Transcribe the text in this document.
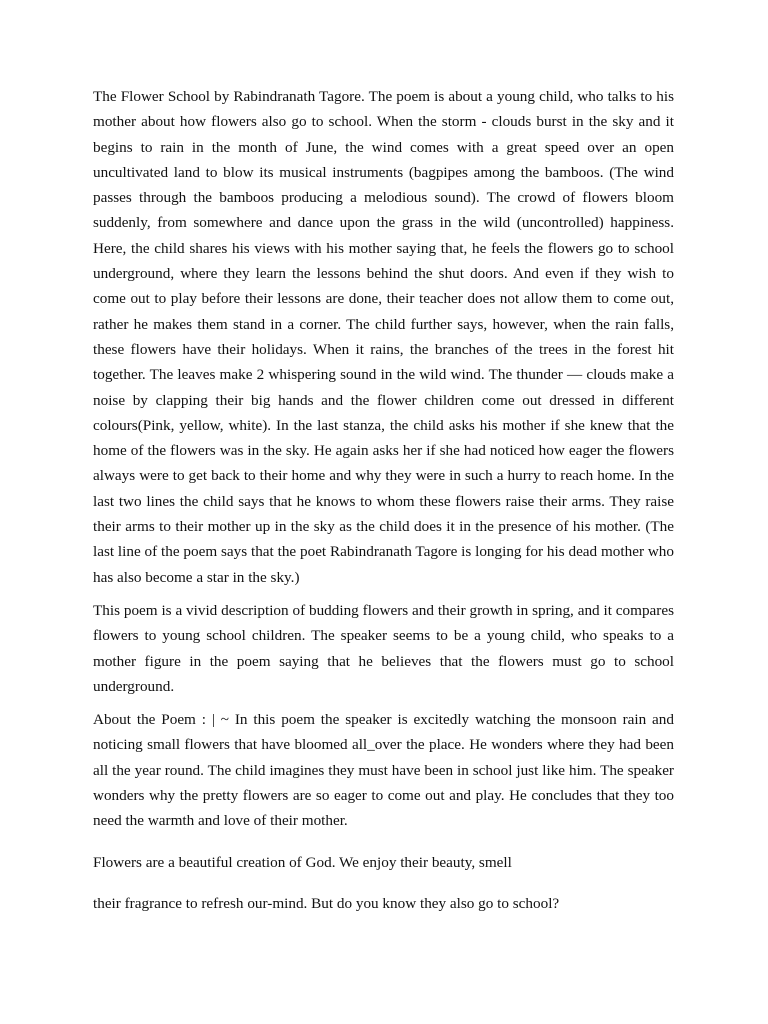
The Flower School by Rabindranath Tagore. The poem is about a young child, who talks to his mother about how flowers also go to school. When the storm - clouds burst in the sky and it begins to rain in the month of June, the wind comes with a great speed over an open uncultivated land to blow its musical instruments (bagpipes among the bamboos. (The wind passes through the bamboos producing a melodious sound). The crowd of flowers bloom suddenly, from somewhere and dance upon the grass in the wild (uncontrolled) happiness. Here, the child shares his views with his mother saying that, he feels the flowers go to school underground, where they learn the lessons behind the shut doors. And even if they wish to come out to play before their lessons are done, their teacher does not allow them to come out, rather he makes them stand in a corner. The child further says, however, when the rain falls, these flowers have their holidays. When it rains, the branches of the trees in the forest hit together. The leaves make 2 whispering sound in the wild wind. The thunder — clouds make a noise by clapping their big hands and the flower children come out dressed in different colours(Pink, yellow, white). In the last stanza, the child asks his mother if she knew that the home of the flowers was in the sky. He again asks her if she had noticed how eager the flowers always were to get back to their home and why they were in such a hurry to reach home. In the last two lines the child says that he knows to whom these flowers raise their arms. They raise their arms to their mother up in the sky as the child does it in the presence of his mother. (The last line of the poem says that the poet Rabindranath Tagore is longing for his dead mother who has also become a star in the sky.)

This poem is a vivid description of budding flowers and their growth in spring, and it compares flowers to young school children. The speaker seems to be a young child, who speaks to a mother figure in the poem saying that he believes that the flowers must go to school underground.

About the Poem : | ~ In this poem the speaker is excitedly watching the monsoon rain and noticing small flowers that have bloomed all_over the place. He wonders where they had been all the year round. The child imagines they must have been in school just like him. The speaker wonders why the pretty flowers are so eager to come out and play. He concludes that they too need the warmth and love of their mother.

Flowers are a beautiful creation of God. We enjoy their beauty, smell

their fragrance to refresh our-mind. But do you know they also go to school?
